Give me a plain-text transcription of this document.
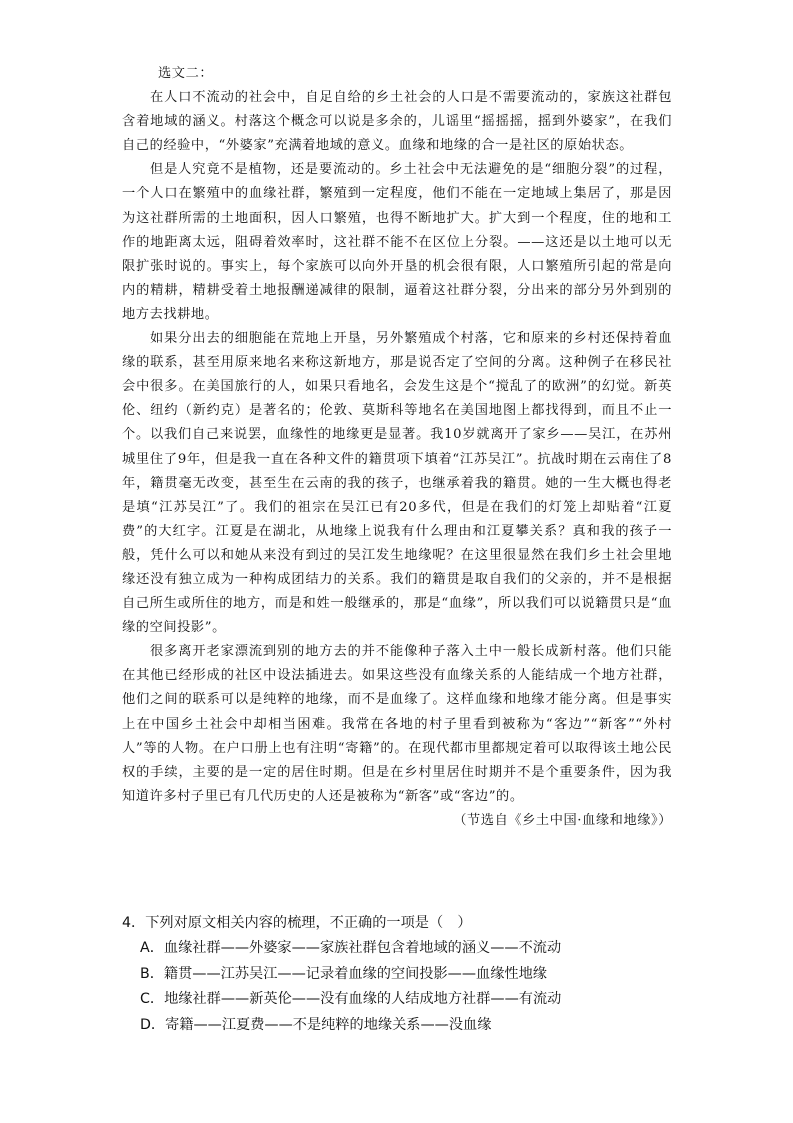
选文二：

在人口不流动的社会中，自足自给的乡土社会的人口是不需要流动的，家族这社群包含着地域的涵义。村落这个概念可以说是多余的，儿谣里“摇摇摇，摇到外婆家”，在我们自己的经验中，“外婆家”充满着地域的意义。血缘和地缘的合一是社区的原始状态。

但是人究竟不是植物，还是要流动的。乡土社会中无法避免的是“细胞分裂”的过程，一个人口在繁殖中的血缘社群，繁殖到一定程度，他们不能在一定地域上集居了，那是因为这社群所需的土地面积，因人口繁殖，也得不断地扩大。扩大到一个程度，住的地和工作的地距离太远，阻碍着效率时，这社群不能不在区位上分裂。——这还是以土地可以无限扩张时说的。事实上，每个家族可以向外开垦的机会很有限，人口繁殖所引起的常是向内的精耕，精耕受着土地报酬递减律的限制，逼着这社群分裂，分出来的部分另外到别的地方去找耕地。

如果分出去的细胞能在荒地上开垦，另外繁殖成个村落，它和原来的乡村还保持着血缘的联系，甚至用原来地名来称这新地方，那是说否定了空间的分离。这种例子在移民社会中很多。在美国旅行的人，如果只看地名，会发生这是个“搅乱了的欧洲”的幻觉。新英伦、纽约（新约克）是著名的；伦敦、莫斯科等地名在美国地图上都找得到，而且不止一个。以我们自己来说罢，血缘性的地缘更是显著。我10岁就离开了家乡——吴江，在苏州城里住了9年，但是我一直在各种文件的籍贯项下填着“江苏吴江”。抗战时期在云南住了8年，籍贯毫无改变，甚至生在云南的我的孩子，也继承着我的籍贯。她的一生大概也得老是填“江苏吴江”了。我们的祖宗在吴江已有20多代，但是在我们的灯笼上却贴着“江夏费”的大红字。江夏是在湖北，从地缘上说我有什么理由和江夏攀关系？真和我的孩子一般，凭什么可以和她从来没有到过的吴江发生地缘呢？在这里很显然在我们乡土社会里地缘还没有独立成为一种构成团结力的关系。我们的籍贯是取自我们的父亲的，并不是根据自己所生或所住的地方，而是和姓一般继承的，那是“血缘”，所以我们可以说籍贯只是“血缘的空间投影”。

很多离开老家漂流到别的地方去的并不能像种子落入土中一般长成新村落。他们只能在其他已经形成的社区中设法插进去。如果这些没有血缘关系的人能结成一个地方社群，他们之间的联系可以是纯粹的地缘，而不是血缘了。这样血缘和地缘才能分离。但是事实上在中国乡土社会中却相当困难。我常在各地的村子里看到被称为“客边”“新客”“外村人”等的人物。在户口册上也有注明“寄籍”的。在现代都市里都规定着可以取得该土地公民权的手续，主要的是一定的居住时期。但是在乡村里居住时期并不是个重要条件，因为我知道许多村子里已有几代历史的人还是被称为“新客”或“客边”的。

（节选自《乡土中国·血缘和地缘》）

4．下列对原文相关内容的梳理，不正确的一项是（　）

A．血缘社群——外婆家——家族社群包含着地域的涵义——不流动

B．籍贯——江苏吴江——记录着血缘的空间投影——血缘性地缘

C．地缘社群——新英伦——没有血缘的人结成地方社群——有流动

D．寄籍——江夏费——不是纯粹的地缘关系——没血缘
